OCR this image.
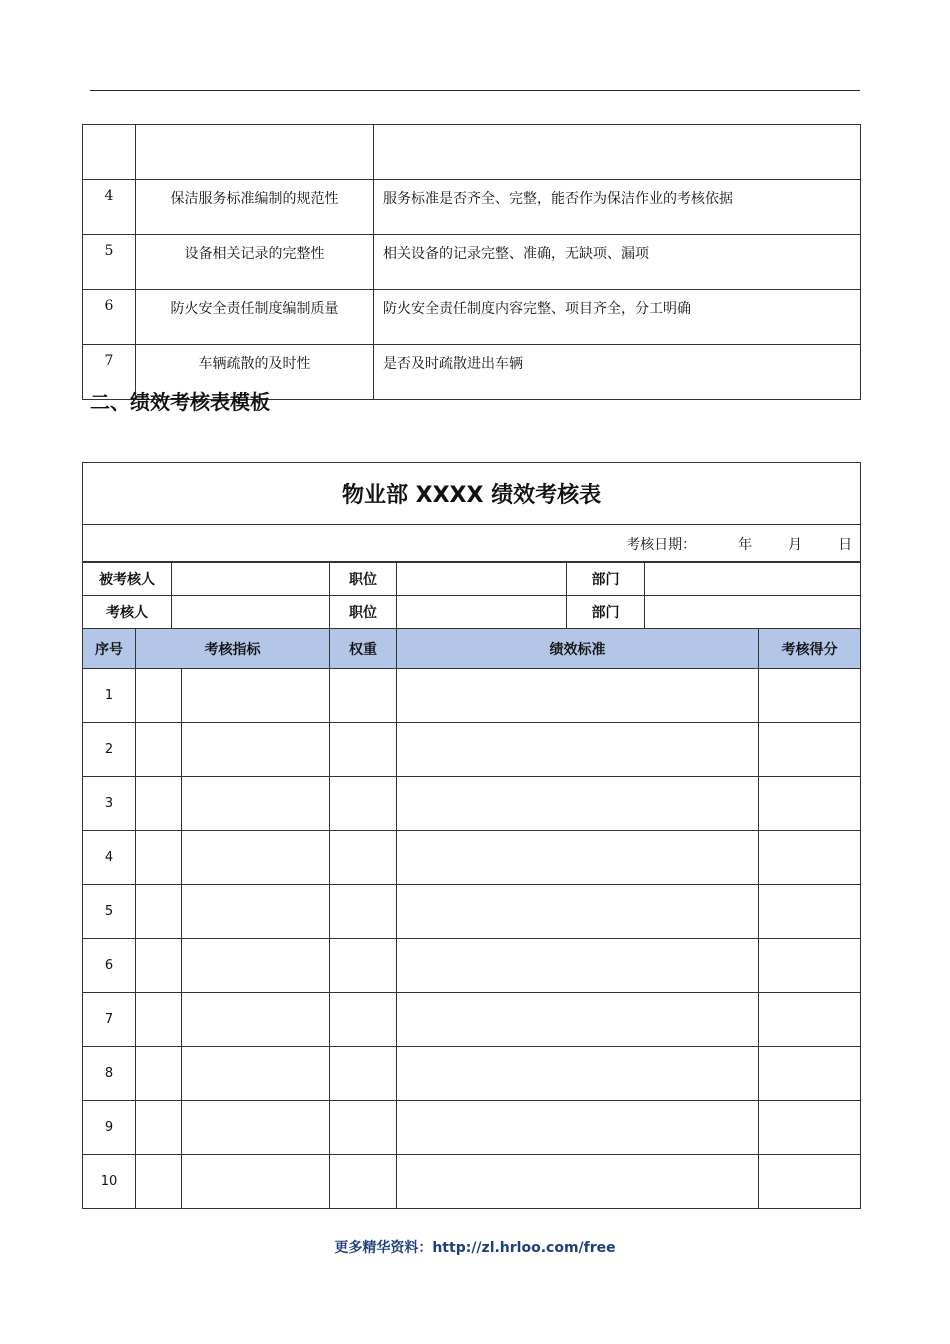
4	保洁服务标准编制的规范性	服务标准是否齐全、完整，能否作为保洁作业的考核依据
5	设备相关记录的完整性	相关设备的记录完整、准确，无缺项、漏项
6	防火安全责任制度编制质量	防火安全责任制度内容完整、项目齐全，分工明确
7	车辆疏散的及时性	是否及时疏散进出车辆
二、绩效考核表模板
物业部 XXXX 绩效考核表
考核日期：	年	月	日
被考核人		职位		部门	
考核人		职位		部门	
序号	考核指标		权重	绩效标准	考核得分
1					
2					
3					
4					
5					
6					
7					
8					
9					
10					
更多精华资料：http://zl.hrloo.com/free
